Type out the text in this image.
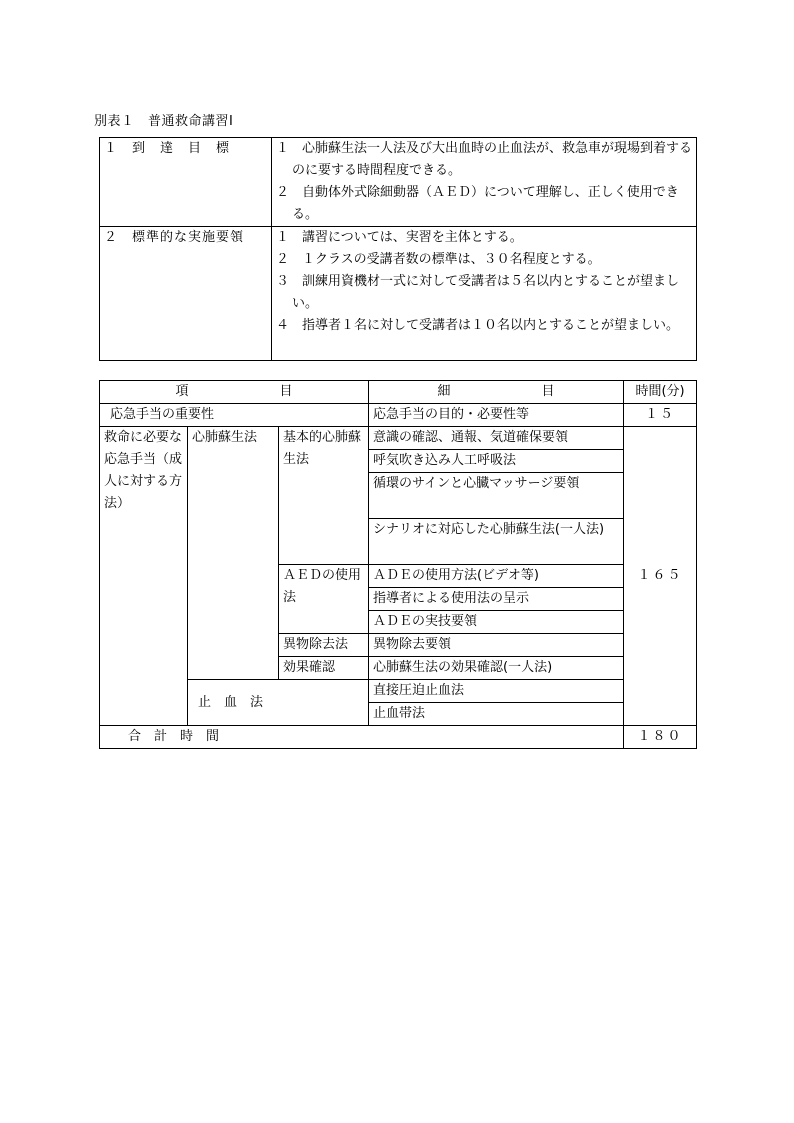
別表１　普通救命講習Ⅰ
１　到　達　目　標	１　心肺蘇生法一人法及び大出血時の止血法が、救急車が現場到着するのに要する時間程度できる。

２　自動体外式除細動器（ＡＥＤ）について理解し、正しく使用できる。

２　標準的な実施要領	１　講習については、実習を主体とする。

２　１クラスの受講者数の標準は、３０名程度とする。

３　訓練用資機材一式に対して受講者は５名以内とすることが望ましい。

４　指導者１名に対して受講者は１０名以内とすることが望ましい。

項　　　　　　　目			細　　　　　　　目	時間(分)
応急手当の重要性			応急手当の目的・必要性等	１５
救命に必要な応急手当（成人に対する方法）	心肺蘇生法	基本的心肺蘇生法	意識の確認、通報、気道確保要領	１６５
			呼気吹き込み人工呼吸法	
			循環のサインと心臓マッサージ要領	
			シナリオに対応した心肺蘇生法(一人法)	
		ＡＥＤの使用法	ＡＤＥの使用方法(ビデオ等)	
			指導者による使用法の呈示	
			ＡＤＥの実技要領	
		異物除去法	異物除去要領	
		効果確認	心肺蘇生法の効果確認(一人法)	
	止　血　法		直接圧迫止血法	
			止血帯法	
合　計　時　間				１８０
